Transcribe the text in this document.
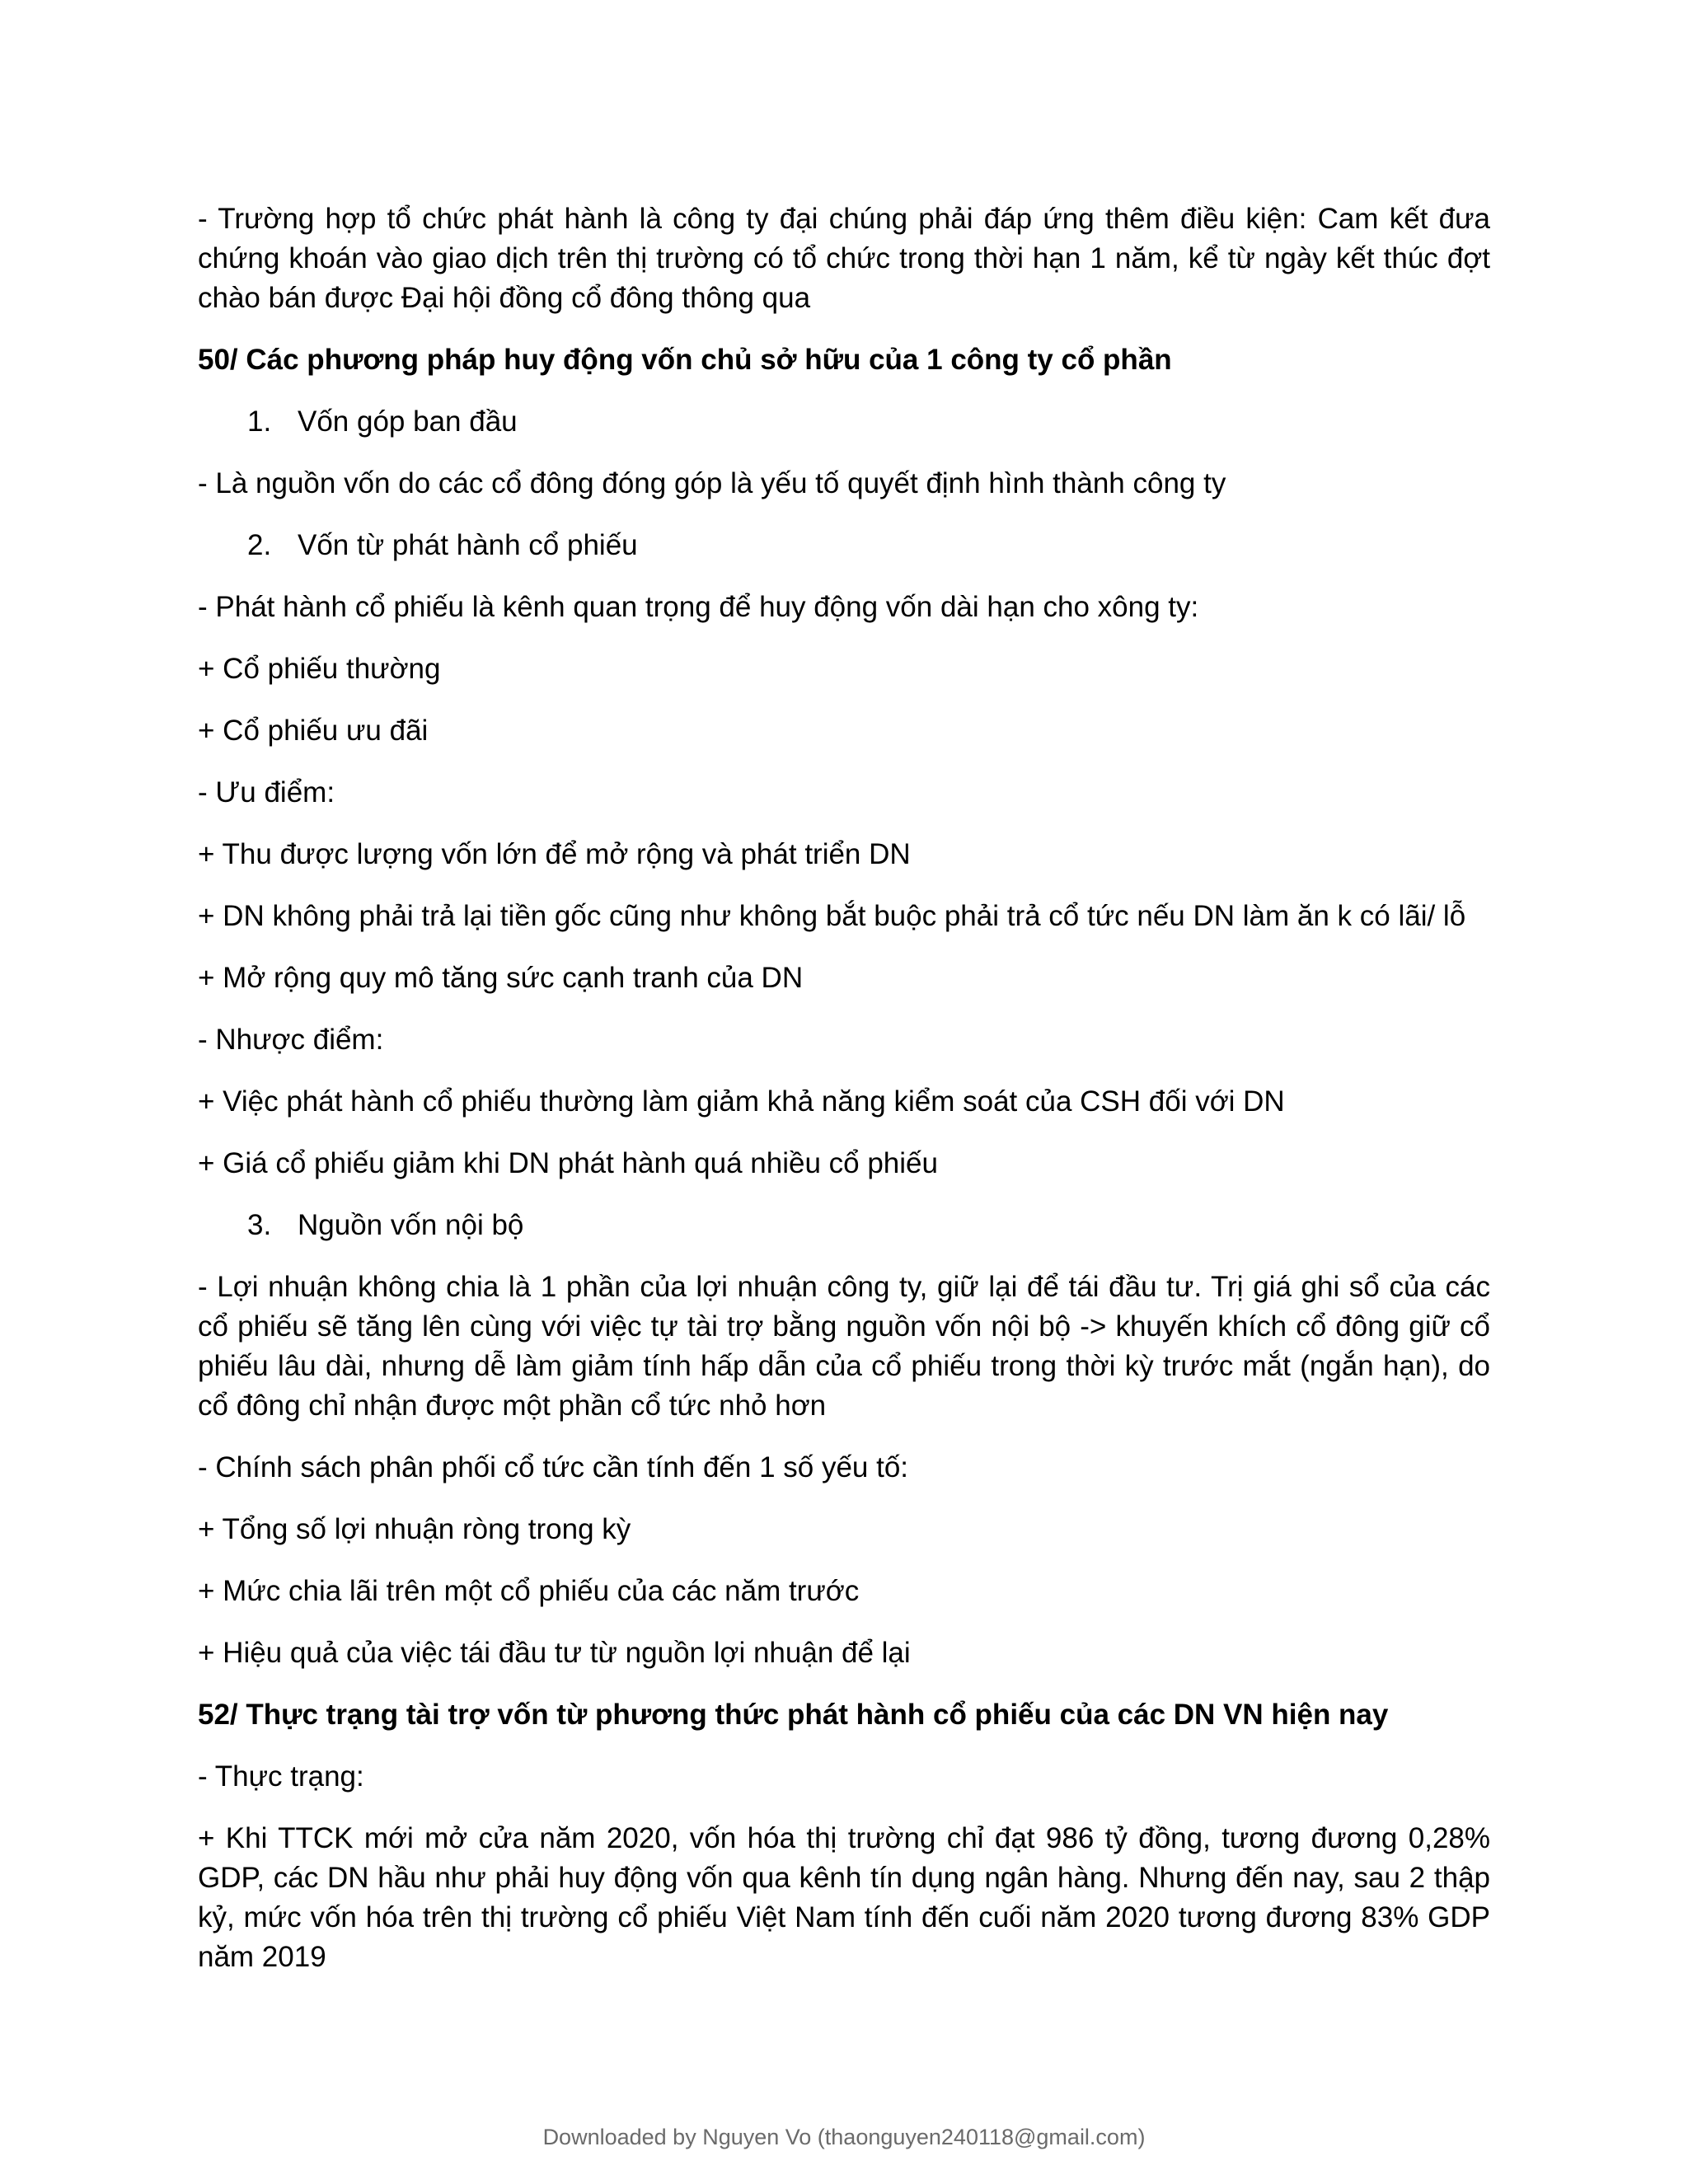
- Trường hợp tổ chức phát hành là công ty đại chúng phải đáp ứng thêm điều kiện: Cam kết đưa chứng khoán vào giao dịch trên thị trường có tổ chức trong thời hạn 1 năm, kể từ ngày kết thúc đợt chào bán được Đại hội đồng cổ đông thông qua

50/ Các phương pháp huy động vốn chủ sở hữu của 1 công ty cổ phần

1. Vốn góp ban đầu

- Là nguồn vốn do các cổ đông đóng góp là yếu tố quyết định hình thành công ty

2. Vốn từ phát hành cổ phiếu

- Phát hành cổ phiếu là kênh quan trọng để huy động vốn dài hạn cho xông ty:

+ Cổ phiếu thường

+ Cổ phiếu ưu đãi

- Ưu điểm:

+ Thu được lượng vốn lớn để mở rộng và phát triển DN

+ DN không phải trả lại tiền gốc cũng như không bắt buộc phải trả cổ tức nếu DN làm ăn k có lãi/ lỗ

+ Mở rộng quy mô tăng sức cạnh tranh của DN

- Nhược điểm:

+ Việc phát hành cổ phiếu thường làm giảm khả năng kiểm soát của CSH đối với DN

+ Giá cổ phiếu giảm khi DN phát hành quá nhiều cổ phiếu

3. Nguồn vốn nội bộ

- Lợi nhuận không chia là 1 phần của lợi nhuận công ty, giữ lại để tái đầu tư. Trị giá ghi sổ của các cổ phiếu sẽ tăng lên cùng với việc tự tài trợ bằng nguồn vốn nội bộ -> khuyến khích cổ đông giữ cổ phiếu lâu dài, nhưng dễ làm giảm tính hấp dẫn của cổ phiếu trong thời kỳ trước mắt (ngắn hạn), do cổ đông chỉ nhận được một phần cổ tức nhỏ hơn

- Chính sách phân phối cổ tức cần tính đến 1 số yếu tố:

+ Tổng số lợi nhuận ròng trong kỳ

+ Mức chia lãi trên một cổ phiếu của các năm trước

+ Hiệu quả của việc tái đầu tư từ nguồn lợi nhuận để lại

52/ Thực trạng tài trợ vốn từ phương thức phát hành cổ phiếu của các DN VN hiện nay

- Thực trạng:

+ Khi TTCK mới mở cửa năm 2020, vốn hóa thị trường chỉ đạt 986 tỷ đồng, tương đương 0,28% GDP, các DN hầu như phải huy động vốn qua kênh tín dụng ngân hàng. Nhưng đến nay, sau 2 thập kỷ, mức vốn hóa trên thị trường cổ phiếu Việt Nam tính đến cuối năm 2020 tương đương 83% GDP năm 2019

Downloaded by Nguyen Vo (thaonguyen240118@gmail.com)
